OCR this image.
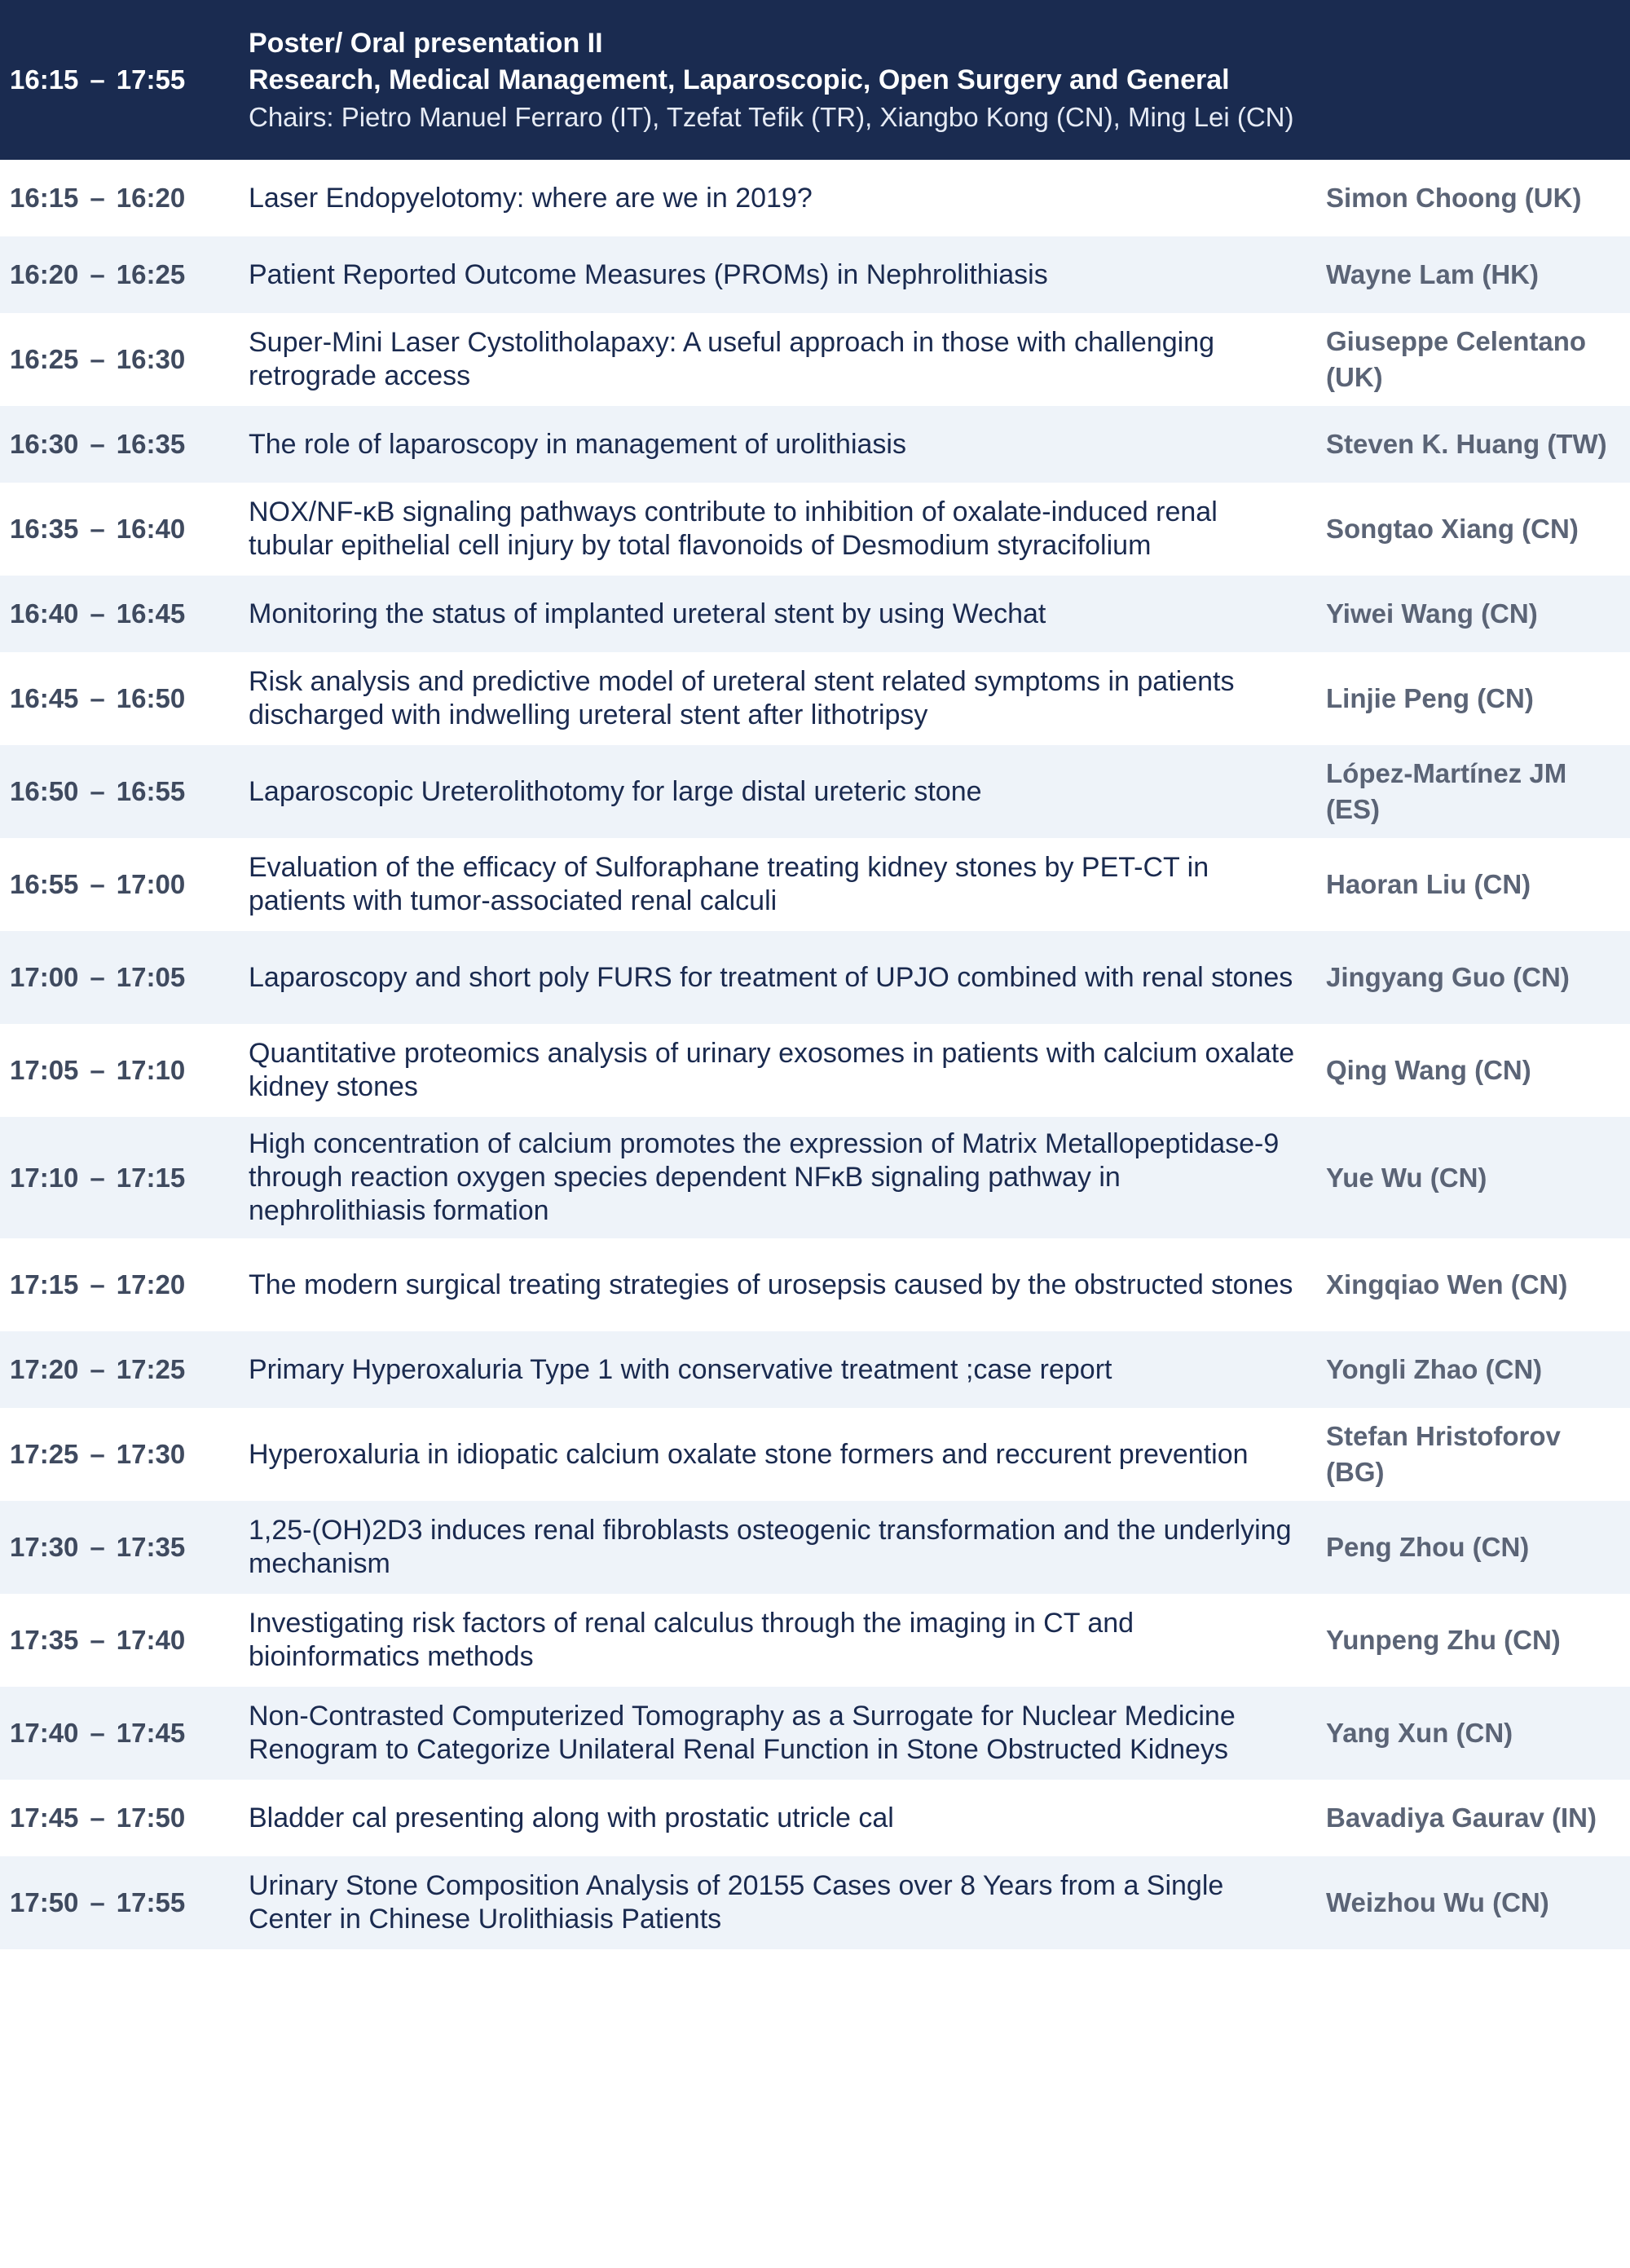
16:15 – 17:55	Poster/ Oral presentation II
Research, Medical Management, Laparoscopic, Open Surgery and General
Chairs: Pietro Manuel Ferraro (IT), Tzefat Tefik (TR), Xiangbo Kong (CN), Ming Lei (CN)	

16:15 – 16:20	Laser Endopyelotomy: where are we in 2019?	Simon Choong (UK)
16:20 – 16:25	Patient Reported Outcome Measures (PROMs) in Nephrolithiasis	Wayne Lam (HK)
16:25 – 16:30	Super-Mini Laser Cystolitholapaxy: A useful approach in those with challenging retrograde access	Giuseppe Celentano (UK)
16:30 – 16:35	The role of laparoscopy in management of urolithiasis	Steven K. Huang (TW)
16:35 – 16:40	NOX/NF-κB signaling pathways contribute to inhibition of oxalate-induced renal tubular epithelial cell injury by total flavonoids of Desmodium styracifolium	Songtao Xiang (CN)
16:40 – 16:45	Monitoring the status of implanted ureteral stent by using Wechat	Yiwei Wang (CN)
16:45 – 16:50	Risk analysis and predictive model of ureteral stent related symptoms in patients discharged with indwelling ureteral stent after lithotripsy	Linjie Peng (CN)
16:50 – 16:55	Laparoscopic Ureterolithotomy for large distal ureteric stone	López-Martínez JM (ES)
16:55 – 17:00	Evaluation of the efficacy of Sulforaphane treating kidney stones by PET-CT in patients with tumor-associated renal calculi	Haoran Liu (CN)
17:00 – 17:05	Laparoscopy and short poly FURS for treatment of UPJO combined with renal stones	Jingyang Guo (CN)
17:05 – 17:10	Quantitative proteomics analysis of urinary exosomes in patients with calcium oxalate kidney stones	Qing Wang (CN)
17:10 – 17:15	High concentration of calcium promotes the expression of Matrix Metallopeptidase-9 through reaction oxygen species dependent NFκB signaling pathway in nephrolithiasis formation	Yue Wu (CN)
17:15 – 17:20	The modern surgical treating strategies of urosepsis caused by the obstructed stones	Xingqiao Wen (CN)
17:20 – 17:25	Primary Hyperoxaluria Type 1 with conservative treatment ;case report	Yongli Zhao (CN)
17:25 – 17:30	Hyperoxaluria in idiopatic calcium oxalate stone formers and reccurent prevention	Stefan Hristoforov (BG)
17:30 – 17:35	1,25-(OH)2D3 induces renal fibroblasts osteogenic transformation and the underlying mechanism	Peng Zhou (CN)
17:35 – 17:40	Investigating risk factors of renal calculus through the imaging in CT and bioinformatics methods	Yunpeng Zhu (CN)
17:40 – 17:45	Non-Contrasted Computerized Tomography as a Surrogate for Nuclear Medicine Renogram to Categorize Unilateral Renal Function in Stone Obstructed Kidneys	Yang Xun (CN)
17:45 – 17:50	Bladder cal presenting along with prostatic utricle cal	Bavadiya Gaurav (IN)
17:50 – 17:55	Urinary Stone Composition Analysis of 20155 Cases over 8 Years from a Single Center in Chinese Urolithiasis Patients	Weizhou Wu (CN)
